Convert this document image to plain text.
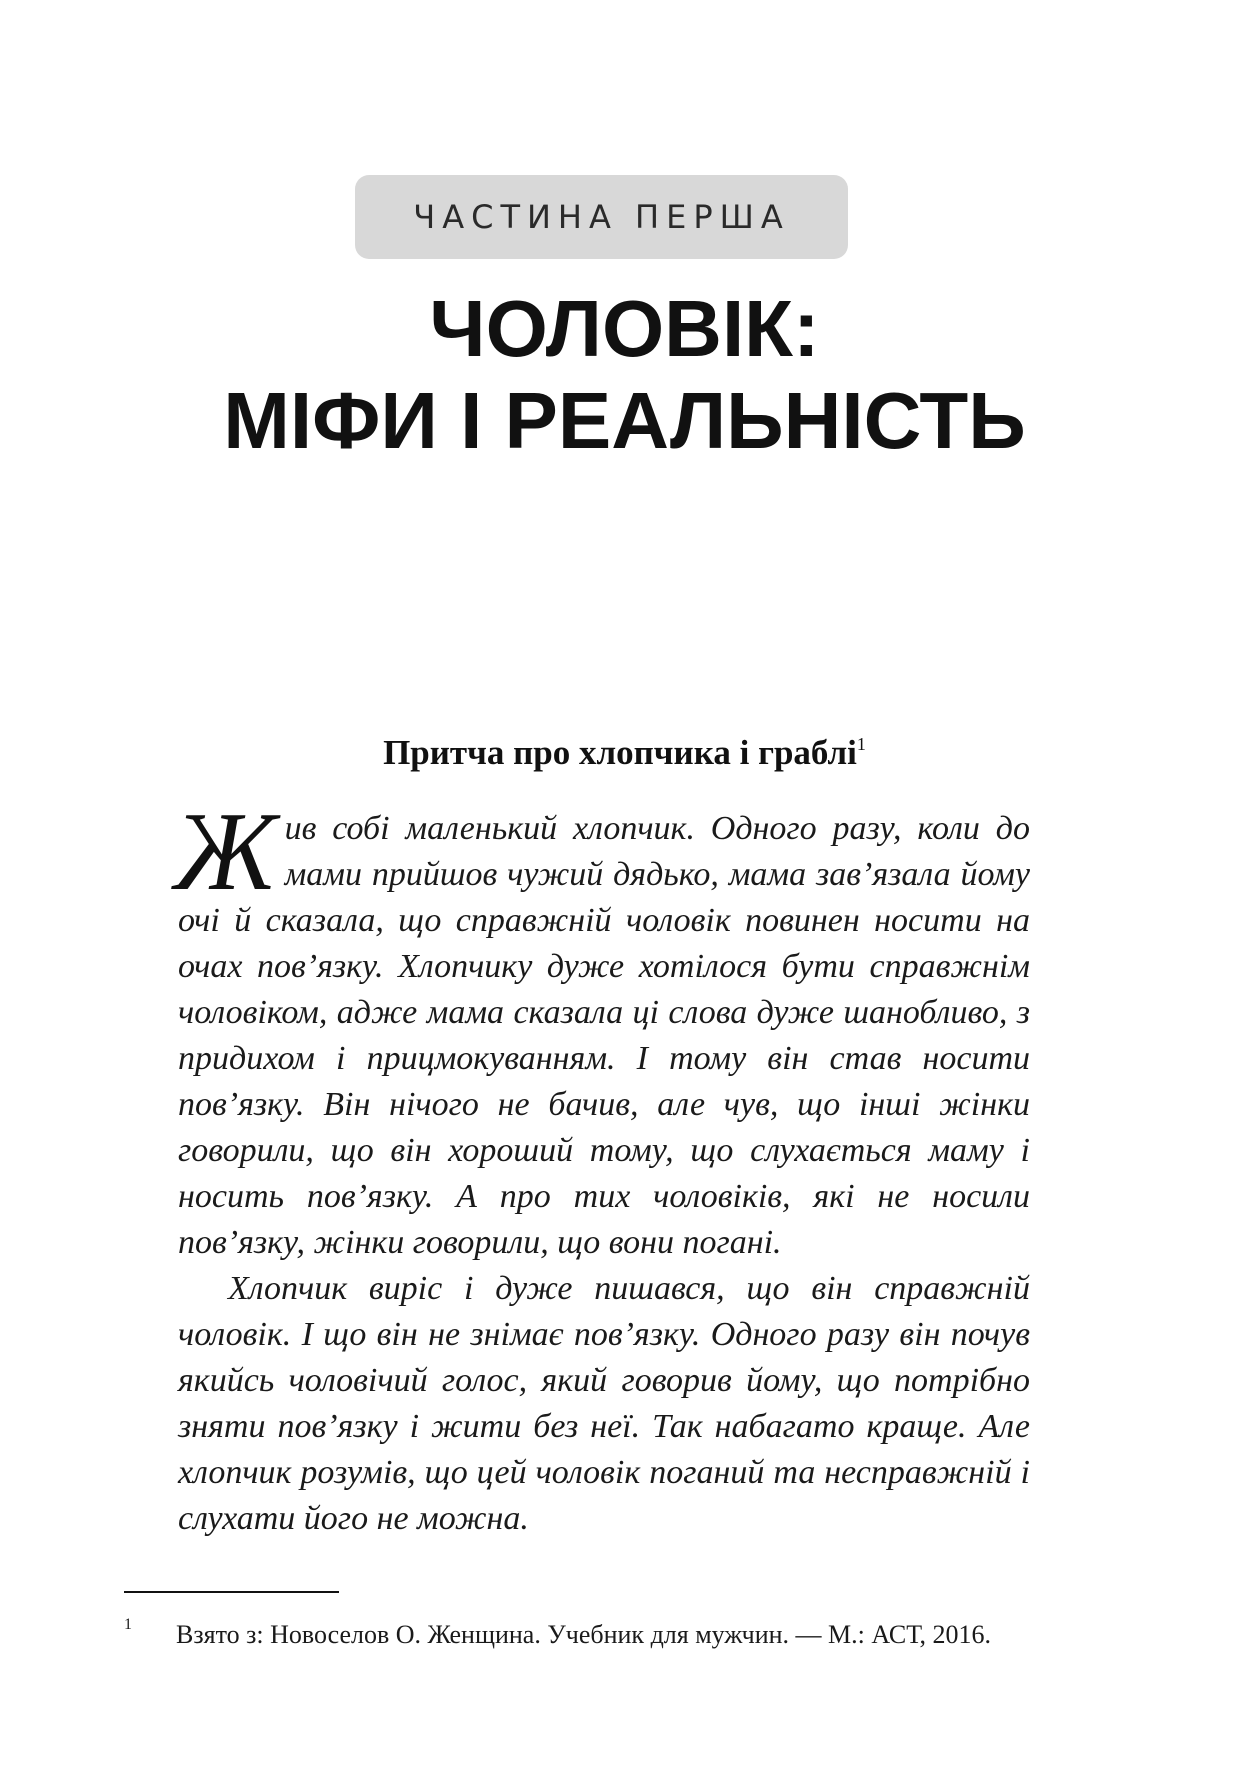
ЧАСТИНА ПЕРША
ЧОЛОВІК:
МІФИ І РЕАЛЬНІСТЬ
Притча про хлопчика і граблі$^1$

Жив собі маленький хлопчик. Одного разу, коли до мами прийшов чужий дядько, мама зав’язала йому очі й сказала, що справжній чоловік повинен носити на очах пов’язку. Хлопчику дуже хотілося бути справжнім чоловіком, адже мама сказала ці слова дуже шанобливо, з придихом і прицмокуванням. І тому він став носити пов’язку. Він нічого не бачив, але чув, що інші жінки говорили, що він хороший тому, що слухається маму і носить пов’язку. А про тих чоловіків, які не носили пов’язку, жінки говорили, що вони погані.

Хлопчик виріс і дуже пишався, що він справжній чоловік. І що він не знімає пов’язку. Одного разу він почув якийсь чоловічий голос, який говорив йому, що потрібно зняти пов’язку і жити без неї. Так набагато краще. Але хлопчик розумів, що цей чоловік поганий та несправжній і слухати його не можна.

1 Взято з: Новоселов О. Женщина. Учебник для мужчин. — М.: АСТ, 2016.
